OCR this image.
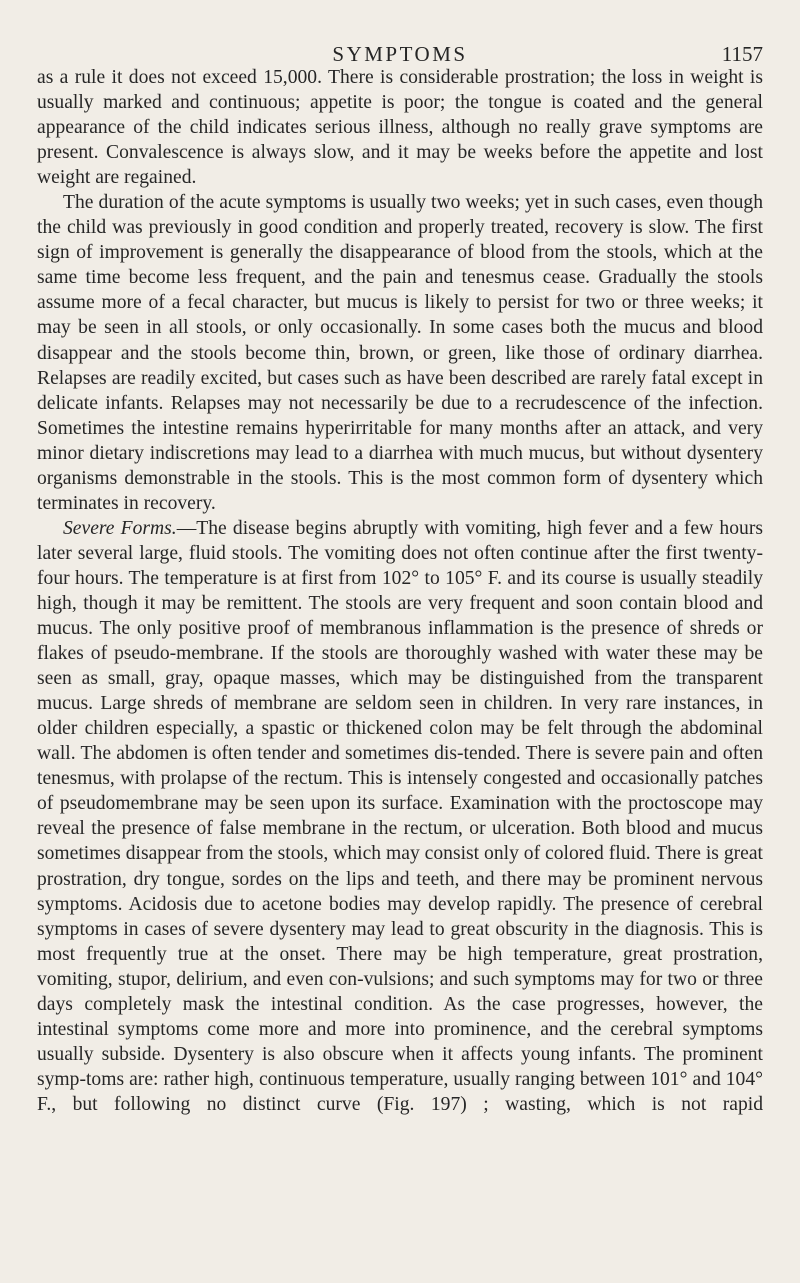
SYMPTOMS	1157

as a rule it does not exceed 15,000. There is considerable prostration; the loss in weight is usually marked and continuous; appetite is poor; the tongue is coated and the general appearance of the child indicates serious illness, although no really grave symptoms are present. Convalescence is always slow, and it may be weeks before the appetite and lost weight are regained.

The duration of the acute symptoms is usually two weeks; yet in such cases, even though the child was previously in good condition and properly treated, recovery is slow. The first sign of improvement is generally the disappearance of blood from the stools, which at the same time become less frequent, and the pain and tenesmus cease. Gradually the stools assume more of a fecal character, but mucus is likely to persist for two or three weeks; it may be seen in all stools, or only occasionally. In some cases both the mucus and blood disappear and the stools become thin, brown, or green, like those of ordinary diarrhea. Relapses are readily excited, but cases such as have been described are rarely fatal except in delicate infants. Relapses may not necessarily be due to a recrudescence of the infection. Sometimes the intestine remains hyperirritable for many months after an attack, and very minor dietary indiscretions may lead to a diarrhea with much mucus, but without dysentery organisms demonstrable in the stools. This is the most common form of dysentery which terminates in recovery.

Severe Forms.—The disease begins abruptly with vomiting, high fever and a few hours later several large, fluid stools. The vomiting does not often continue after the first twenty-four hours. The temperature is at first from 102° to 105° F. and its course is usually steadily high, though it may be remittent. The stools are very frequent and soon contain blood and mucus. The only positive proof of membranous inflammation is the presence of shreds or flakes of pseudo-membrane. If the stools are thoroughly washed with water these may be seen as small, gray, opaque masses, which may be distinguished from the transparent mucus. Large shreds of membrane are seldom seen in children. In very rare instances, in older children especially, a spastic or thickened colon may be felt through the abdominal wall. The abdomen is often tender and sometimes dis-tended. There is severe pain and often tenesmus, with prolapse of the rectum. This is intensely congested and occasionally patches of pseudomembrane may be seen upon its surface. Examination with the proctoscope may reveal the presence of false membrane in the rectum, or ulceration. Both blood and mucus sometimes disappear from the stools, which may consist only of colored fluid. There is great prostration, dry tongue, sordes on the lips and teeth, and there may be prominent nervous symptoms. Acidosis due to acetone bodies may develop rapidly. The presence of cerebral symptoms in cases of severe dysentery may lead to great obscurity in the diagnosis. This is most frequently true at the onset. There may be high temperature, great prostration, vomiting, stupor, delirium, and even con-vulsions; and such symptoms may for two or three days completely mask the intestinal condition. As the case progresses, however, the intestinal symptoms come more and more into prominence, and the cerebral symptoms usually subside. Dysentery is also obscure when it affects young infants. The prominent symp-toms are: rather high, continuous temperature, usually ranging between 101° and 104° F., but following no distinct curve (Fig. 197) ; wasting, which is not rapid
